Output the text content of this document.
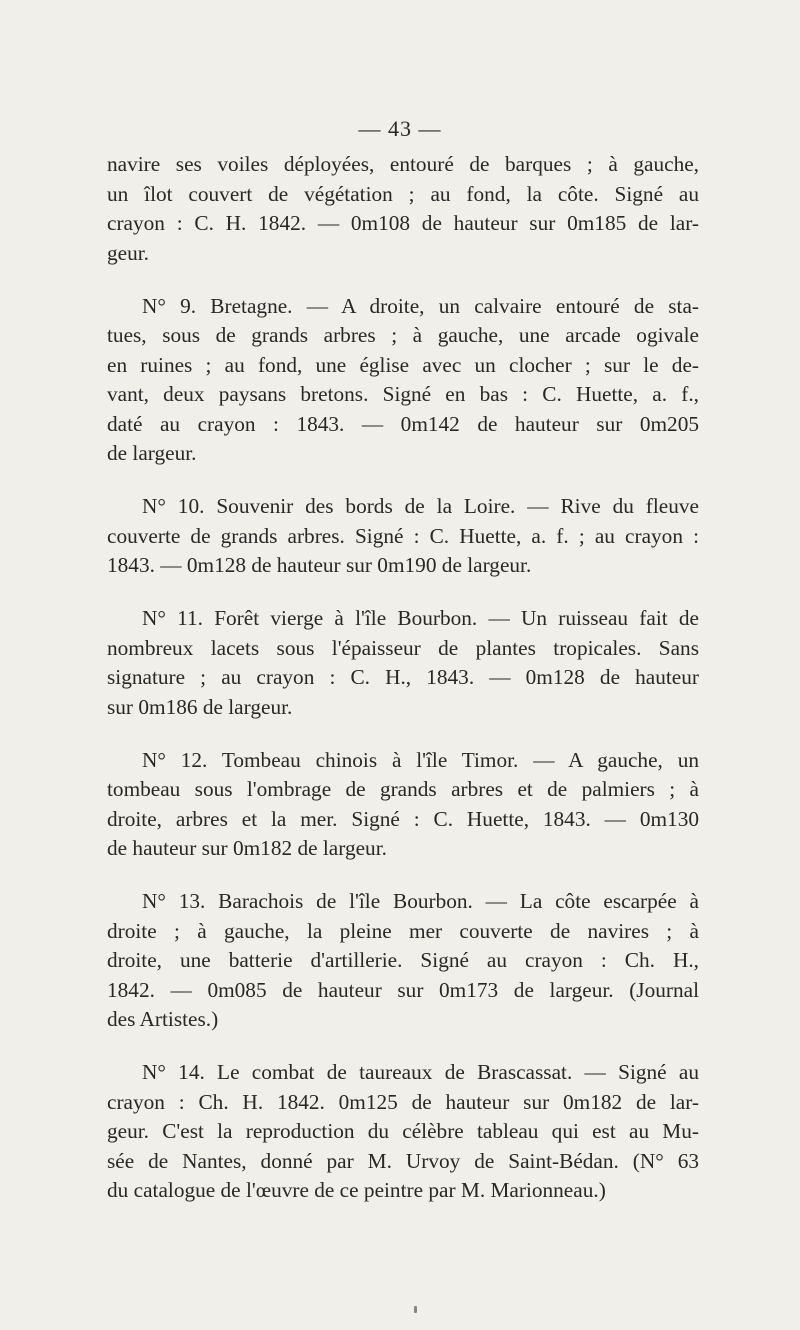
— 43 —
navire ses voiles déployées, entouré de barques ; à gauche,
un îlot couvert de végétation ; au fond, la côte. Signé au
crayon : C. H. 1842. — 0m108 de hauteur sur 0m185 de lar-
geur.
N° 9. Bretagne. — A droite, un calvaire entouré de sta-
tues, sous de grands arbres ; à gauche, une arcade ogivale
en ruines ; au fond, une église avec un clocher ; sur le de-
vant, deux paysans bretons. Signé en bas : C. Huette, a. f.,
daté au crayon : 1843. — 0m142 de hauteur sur 0m205
de largeur.
N° 10. Souvenir des bords de la Loire. — Rive du fleuve
couverte de grands arbres. Signé : C. Huette, a. f. ; au crayon :
1843. — 0m128 de hauteur sur 0m190 de largeur.
N° 11. Forêt vierge à l'île Bourbon. — Un ruisseau fait de
nombreux lacets sous l'épaisseur de plantes tropicales. Sans
signature ; au crayon : C. H., 1843. — 0m128 de hauteur
sur 0m186 de largeur.
N° 12. Tombeau chinois à l'île Timor. — A gauche, un
tombeau sous l'ombrage de grands arbres et de palmiers ; à
droite, arbres et la mer. Signé : C. Huette, 1843. — 0m130
de hauteur sur 0m182 de largeur.
N° 13. Barachois de l'île Bourbon. — La côte escarpée à
droite ; à gauche, la pleine mer couverte de navires ; à
droite, une batterie d'artillerie. Signé au crayon : Ch. H.,
1842. — 0m085 de hauteur sur 0m173 de largeur. (Journal
des Artistes.)
N° 14. Le combat de taureaux de Brascassat. — Signé au
crayon : Ch. H. 1842. 0m125 de hauteur sur 0m182 de lar-
geur. C'est la reproduction du célèbre tableau qui est au Mu-
sée de Nantes, donné par M. Urvoy de Saint-Bédan. (N° 63
du catalogue de l'œuvre de ce peintre par M. Marionneau.)
